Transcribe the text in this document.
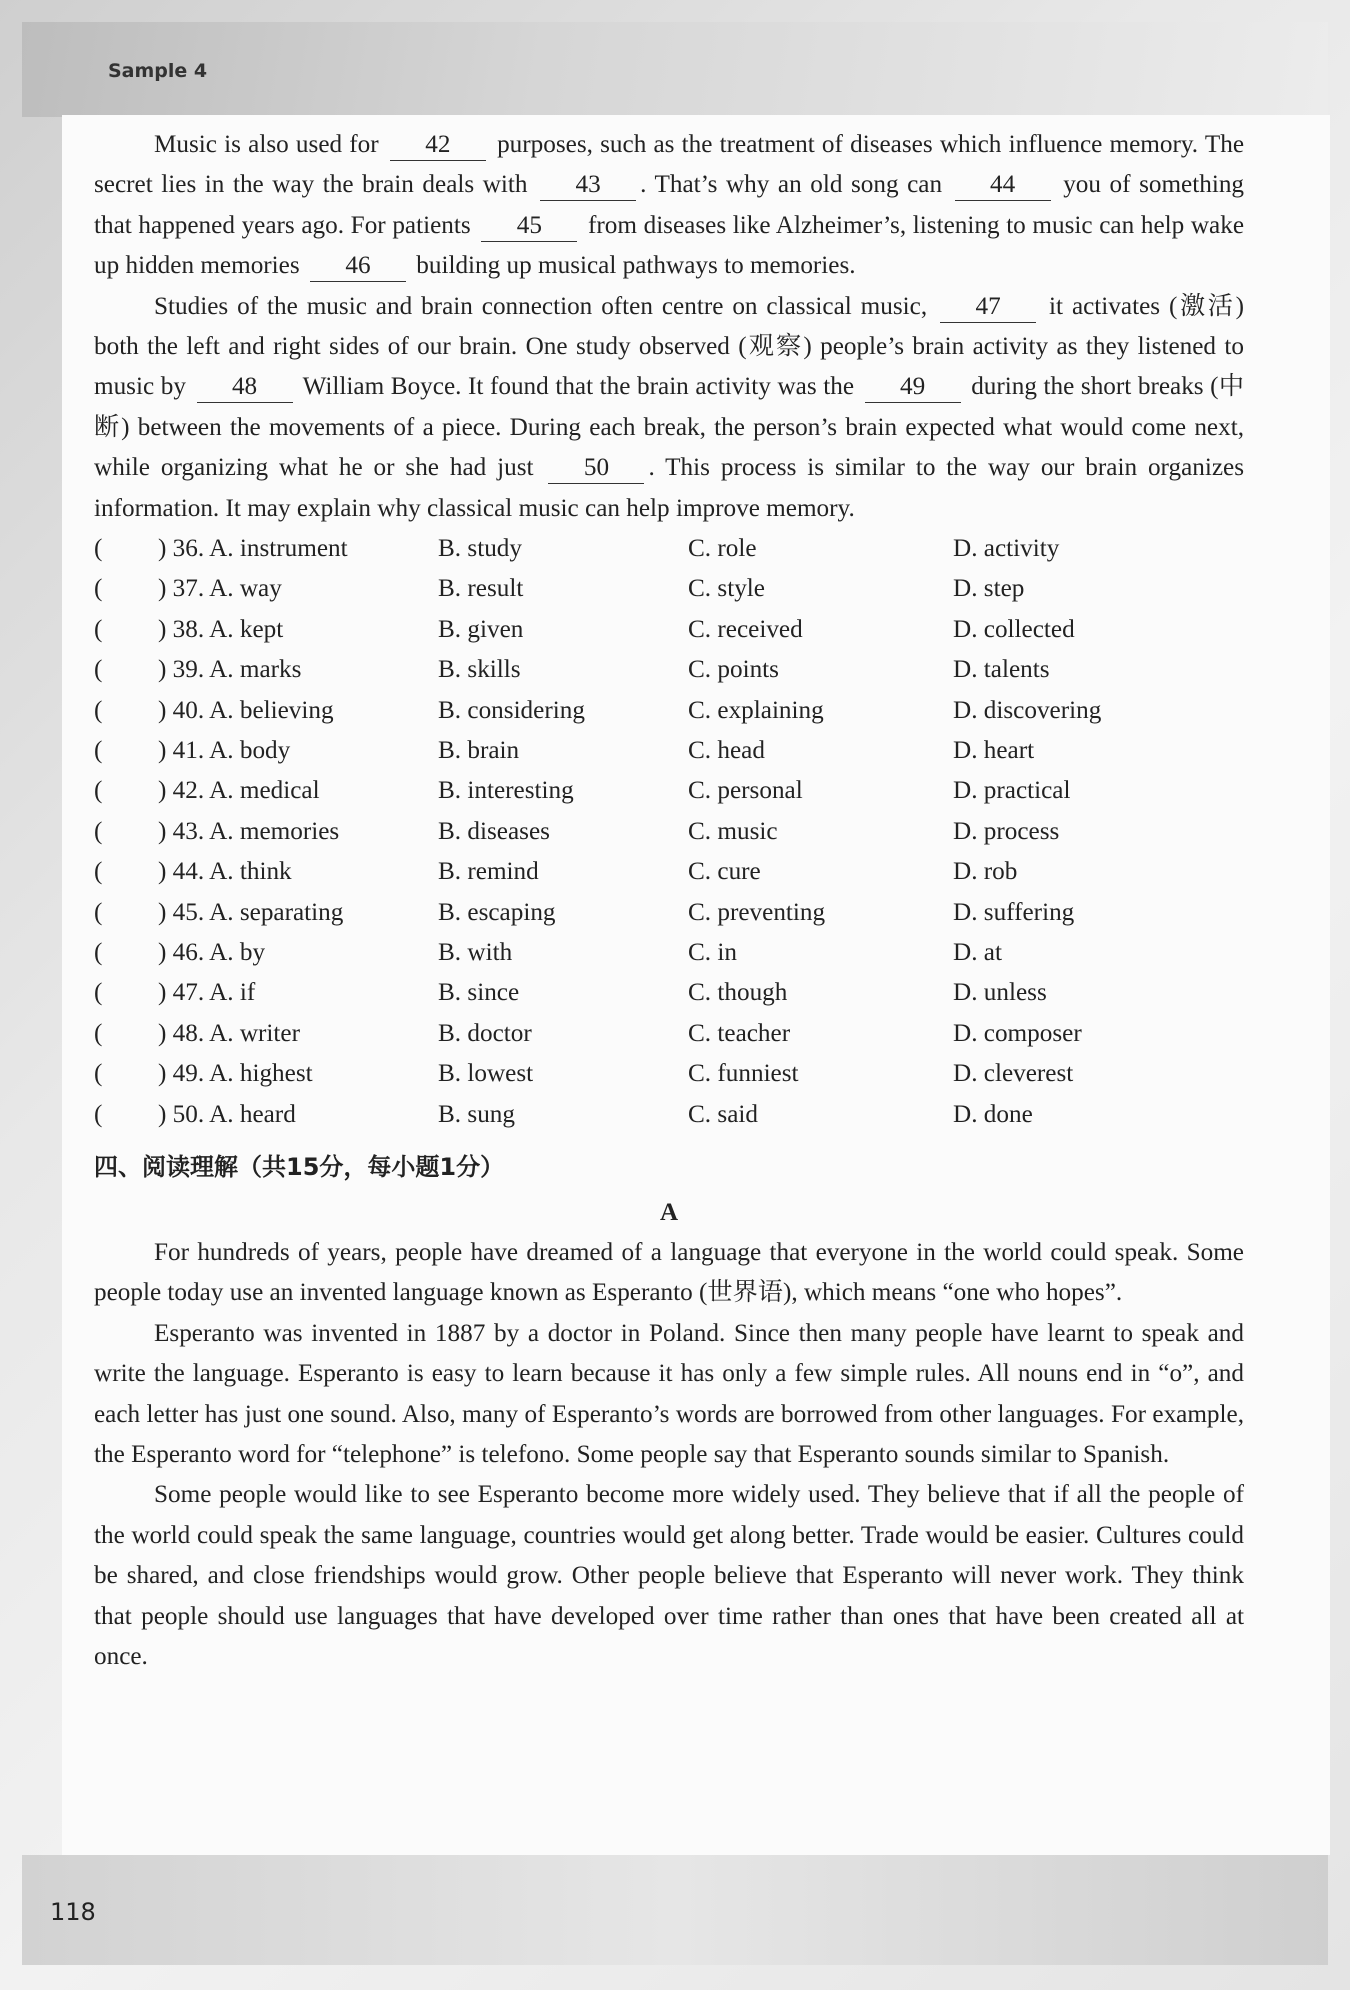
Sample 4

Music is also used for 42 purposes, such as the treatment of diseases which influence memory. The secret lies in the way the brain deals with 43 . That’s why an old song can 44 you of something that happened years ago. For patients 45 from diseases like Alzheimer’s, listening to music can help wake up hidden memories 46 building up musical pathways to memories.

Studies of the music and brain connection often centre on classical music, 47 it activates (激活) both the left and right sides of our brain. One study observed (观察) people’s brain activity as they listened to music by 48 William Boyce. It found that the brain activity was the 49 during the short breaks (中断) between the movements of a piece. During each break, the person’s brain expected what would come next, while organizing what he or she had just 50 . This process is similar to the way our brain organizes information. It may explain why classical music can help improve memory.

(	) 36. A. instrument	B. study	C. role	D. activity
(	) 37. A. way	B. result	C. style	D. step
(	) 38. A. kept	B. given	C. received	D. collected
(	) 39. A. marks	B. skills	C. points	D. talents
(	) 40. A. believing	B. considering	C. explaining	D. discovering
(	) 41. A. body	B. brain	C. head	D. heart
(	) 42. A. medical	B. interesting	C. personal	D. practical
(	) 43. A. memories	B. diseases	C. music	D. process
(	) 44. A. think	B. remind	C. cure	D. rob
(	) 45. A. separating	B. escaping	C. preventing	D. suffering
(	) 46. A. by	B. with	C. in	D. at
(	) 47. A. if	B. since	C. though	D. unless
(	) 48. A. writer	B. doctor	C. teacher	D. composer
(	) 49. A. highest	B. lowest	C. funniest	D. cleverest
(	) 50. A. heard	B. sung	C. said	D. done
四、阅读理解（共15分，每小题1分）

A

For hundreds of years, people have dreamed of a language that everyone in the world could speak. Some people today use an invented language known as Esperanto (世界语), which means “one who hopes”.

Esperanto was invented in 1887 by a doctor in Poland. Since then many people have learnt to speak and write the language. Esperanto is easy to learn because it has only a few simple rules. All nouns end in “o”, and each letter has just one sound. Also, many of Esperanto’s words are borrowed from other languages. For example, the Esperanto word for “telephone” is telefono. Some people say that Esperanto sounds similar to Spanish.

Some people would like to see Esperanto become more widely used. They believe that if all the people of the world could speak the same language, countries would get along better. Trade would be easier. Cultures could be shared, and close friendships would grow. Other people believe that Esperanto will never work. They think that people should use languages that have developed over time rather than ones that have been created all at once.

118
